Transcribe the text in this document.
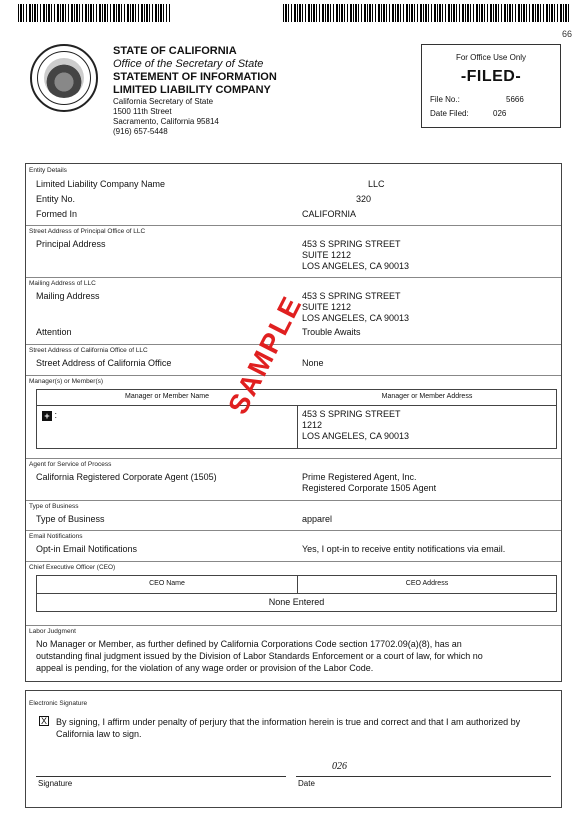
66
STATE OF CALIFORNIA
Office of the Secretary of State
STATEMENT OF INFORMATION
LIMITED LIABILITY COMPANY
California Secretary of State
1500 11th Street
Sacramento, California 95814
(916) 657-5448
For Office Use Only
-FILED-
File No.:	5666
Date Filed:	026
Entity Details
Limited Liability Company Name	LLC
Entity No.	320
Formed In	CALIFORNIA
Street Address of Principal Office of LLC
Principal Address	453 S SPRING STREET
SUITE 1212
LOS ANGELES, CA 90013
Mailing Address of LLC
Mailing Address	453 S SPRING STREET
SUITE 1212
LOS ANGELES, CA 90013
Attention	Trouble Awaits
Street Address of California Office of LLC
Street Address of California Office	None
Manager(s) or Member(s)
Manager or Member Name	Manager or Member Address
+ :	453 S SPRING STREET
1212
LOS ANGELES, CA 90013
Agent for Service of Process
California Registered Corporate Agent (1505)	Prime Registered Agent, Inc.
Registered Corporate 1505 Agent
Type of Business
Type of Business	apparel
Email Notifications
Opt-in Email Notifications	Yes, I opt-in to receive entity notifications via email.
Chief Executive Officer (CEO)
CEO Name	CEO Address
None Entered
Labor Judgment
No Manager or Member, as further defined by California Corporations Code section 17702.09(a)(8), has an
outstanding final judgment issued by the Division of Labor Standards Enforcement or a court of law, for which no
appeal is pending, for the violation of any wage order or provision of the Labor Code.
SAMPLE
Electronic Signature
X By signing, I affirm under penalty of perjury that the information herein is true and correct and that I am authorized by
California law to sign.
026
Signature	Date
